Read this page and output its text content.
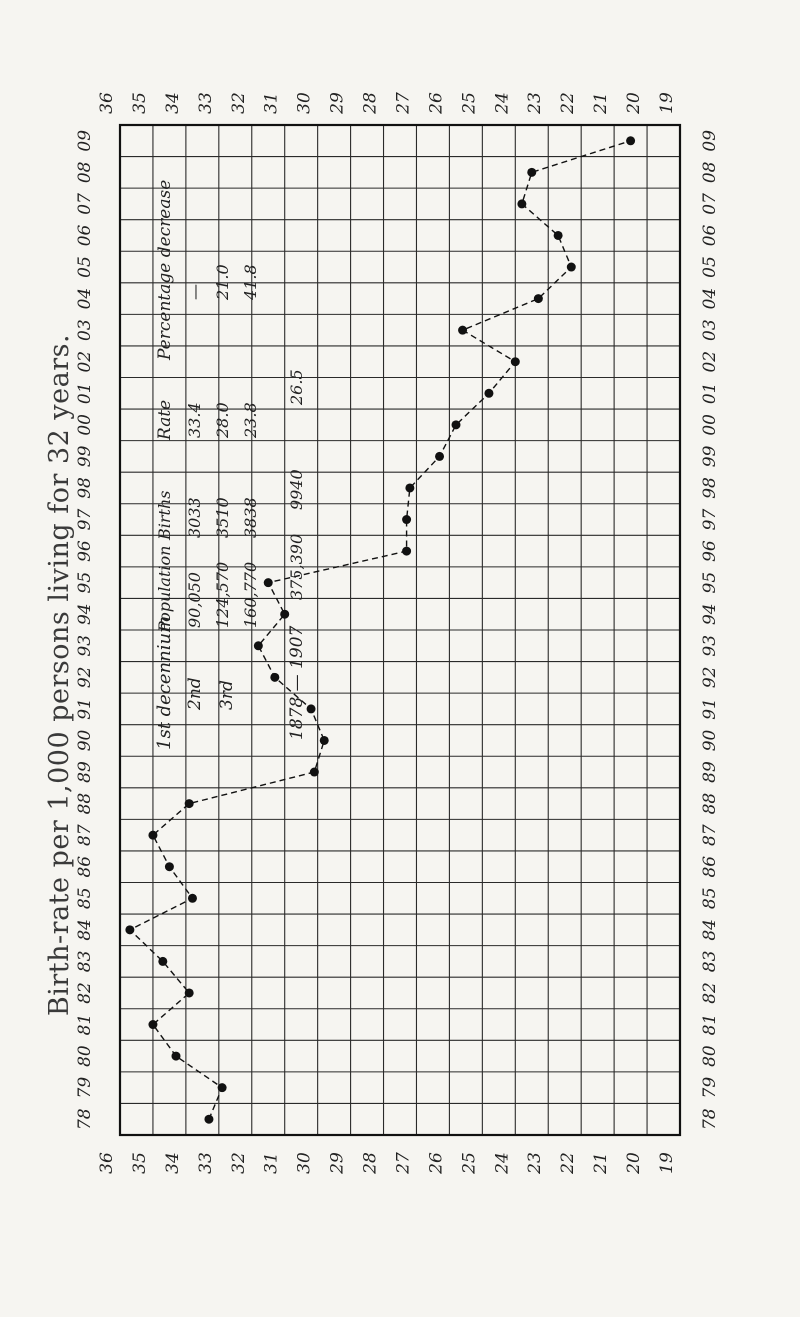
Birth-rate per 1,000 persons living for 32 years.
36 35 34 33 32 31 30 29 28 27 26 25 24 23 22 21 20 19
36 35 34 33 32 31 30 29 28 27 26 25 24 23 22 21 20 19
78
79
80
81
82
83
84
85
86
87
88
89
90
91
92
93
94
95
96
97
98
99
00
01
02
03
04
05
06
07
08
09
78
79
80
81
82
83
84
85
86
87
88
89
90
91
92
93
94
95
96
97
98
99
00
01
02
03
04
05
06
07
08
09
1st decennium 2nd 3rd
Population 90,050 124,570 160,770
Births 3033 3510 3838
Rate 33.4 28.0 23.8
Percentage decrease — 21.0 41.8
1878 — 1907
375,390
9940
26.5
